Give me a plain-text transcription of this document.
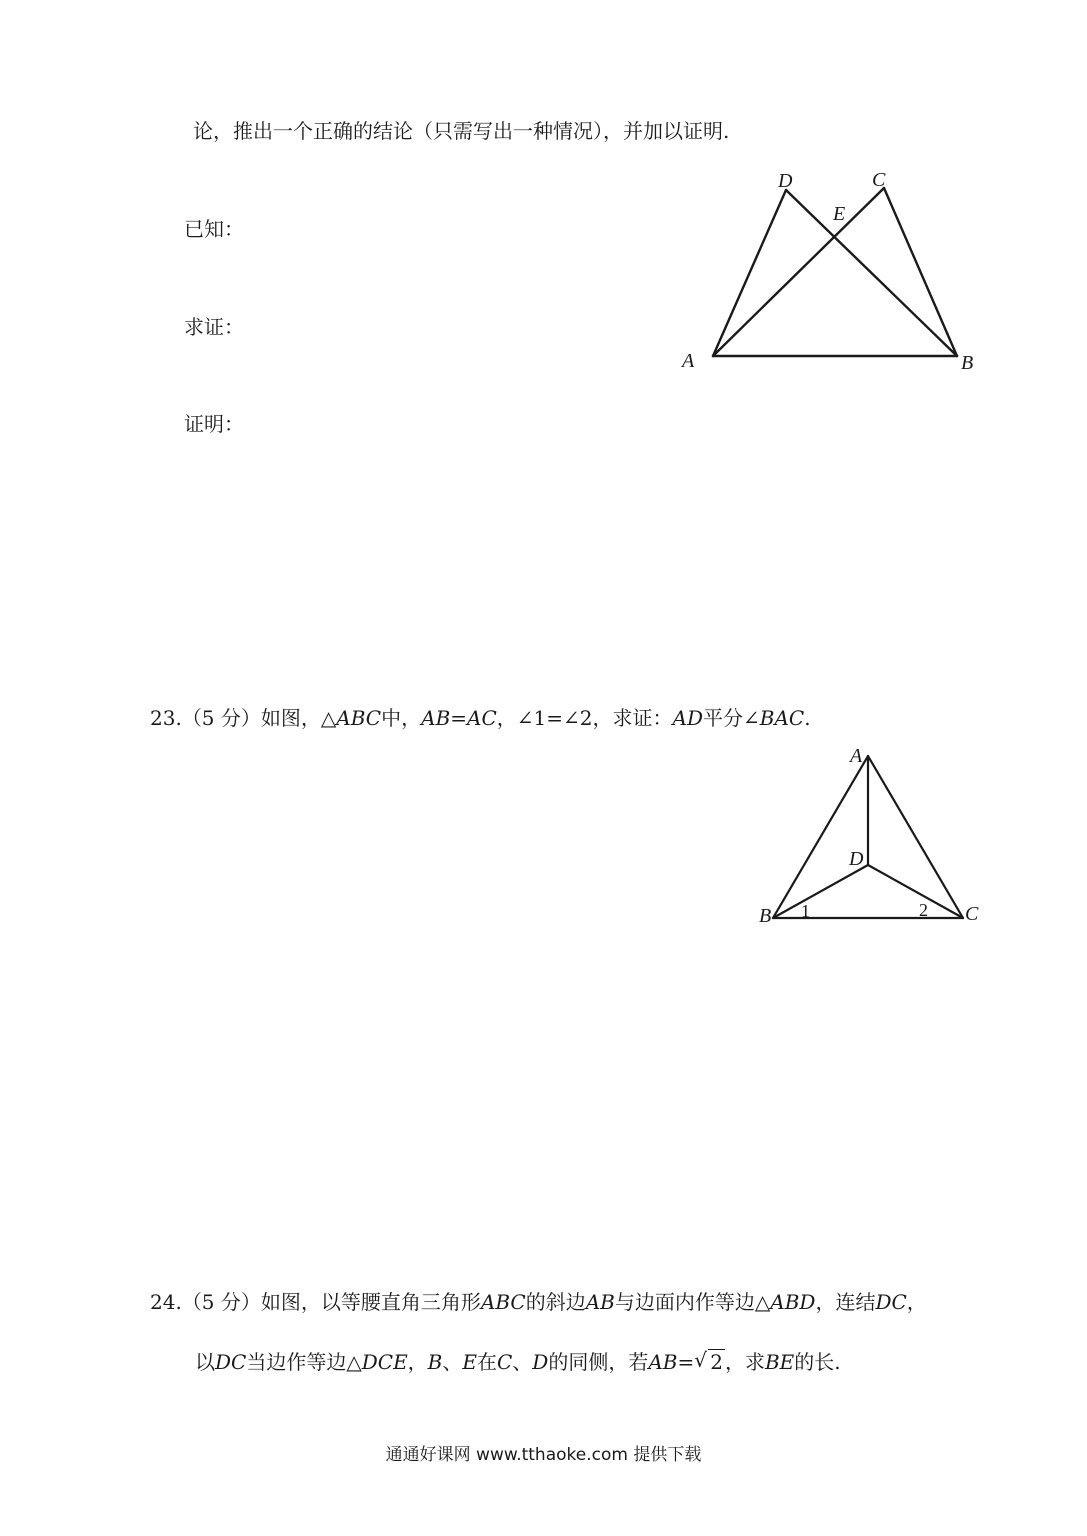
论，推出一个正确的结论（只需写出一种情况），并加以证明.
已知：
求证：
证明：
D	C
E
A	B
23.（5 分）如图，△ABC中，AB=AC，∠1=∠2，求证：AD平分∠BAC.
A
D
B	C
1	2
24.（5 分）如图，以等腰直角三角形ABC的斜边AB与边面内作等边△ABD，连结DC，
以DC当边作等边△DCE，B、E在C、D的同侧，若AB= √ 2 ，求BE的长.
通通好课网 www.tthaoke.com 提供下载
